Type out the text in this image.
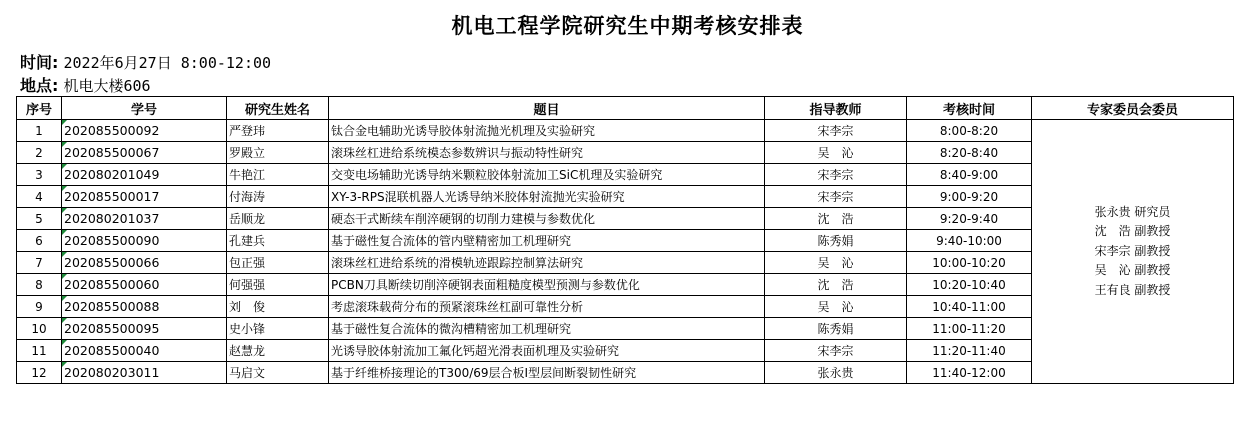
机电工程学院研究生中期考核安排表
时间: 2022年6月27日 8:00-12:00
地点: 机电大楼606
序号	学号	研究生姓名	题目	指导教师	考核时间	专家委员会委员
1	202085500092	严登玮	钛合金电辅助光诱导胶体射流抛光机理及实验研究	宋李宗	8:00-8:20	张永贵 研究员
沈　浩 副教授
宋李宗 副教授
吴　沁 副教授
王有良 副教授

2	202085500067	罗殿立	滚珠丝杠进给系统模态参数辨识与振动特性研究	吴　沁	8:20-8:40	
3	202080201049	牛艳江	交变电场辅助光诱导纳米颗粒胶体射流加工SiC机理及实验研究	宋李宗	8:40-9:00	
4	202085500017	付海涛	XY-3-RPS混联机器人光诱导纳米胶体射流抛光实验研究	宋李宗	9:00-9:20	
5	202080201037	岳顺龙	硬态干式断续车削淬硬钢的切削力建模与参数优化	沈　浩	9:20-9:40	
6	202085500090	孔建兵	基于磁性复合流体的管内壁精密加工机理研究	陈秀娟	9:40-10:00	
7	202085500066	包正强	滚珠丝杠进给系统的滑模轨迹跟踪控制算法研究	吴　沁	10:00-10:20	
8	202085500060	何强强	PCBN刀具断续切削淬硬钢表面粗糙度模型预测与参数优化	沈　浩	10:20-10:40	
9	202085500088	刘　俊	考虑滚珠载荷分布的预紧滚珠丝杠副可靠性分析	吴　沁	10:40-11:00	
10	202085500095	史小锋	基于磁性复合流体的微沟槽精密加工机理研究	陈秀娟	11:00-11:20	
11	202085500040	赵慧龙	光诱导胶体射流加工氟化钙超光滑表面机理及实验研究	宋李宗	11:20-11:40	
12	202080203011	马启文	基于纤维桥接理论的T300/69层合板I型层间断裂韧性研究	张永贵	11:40-12:00	
